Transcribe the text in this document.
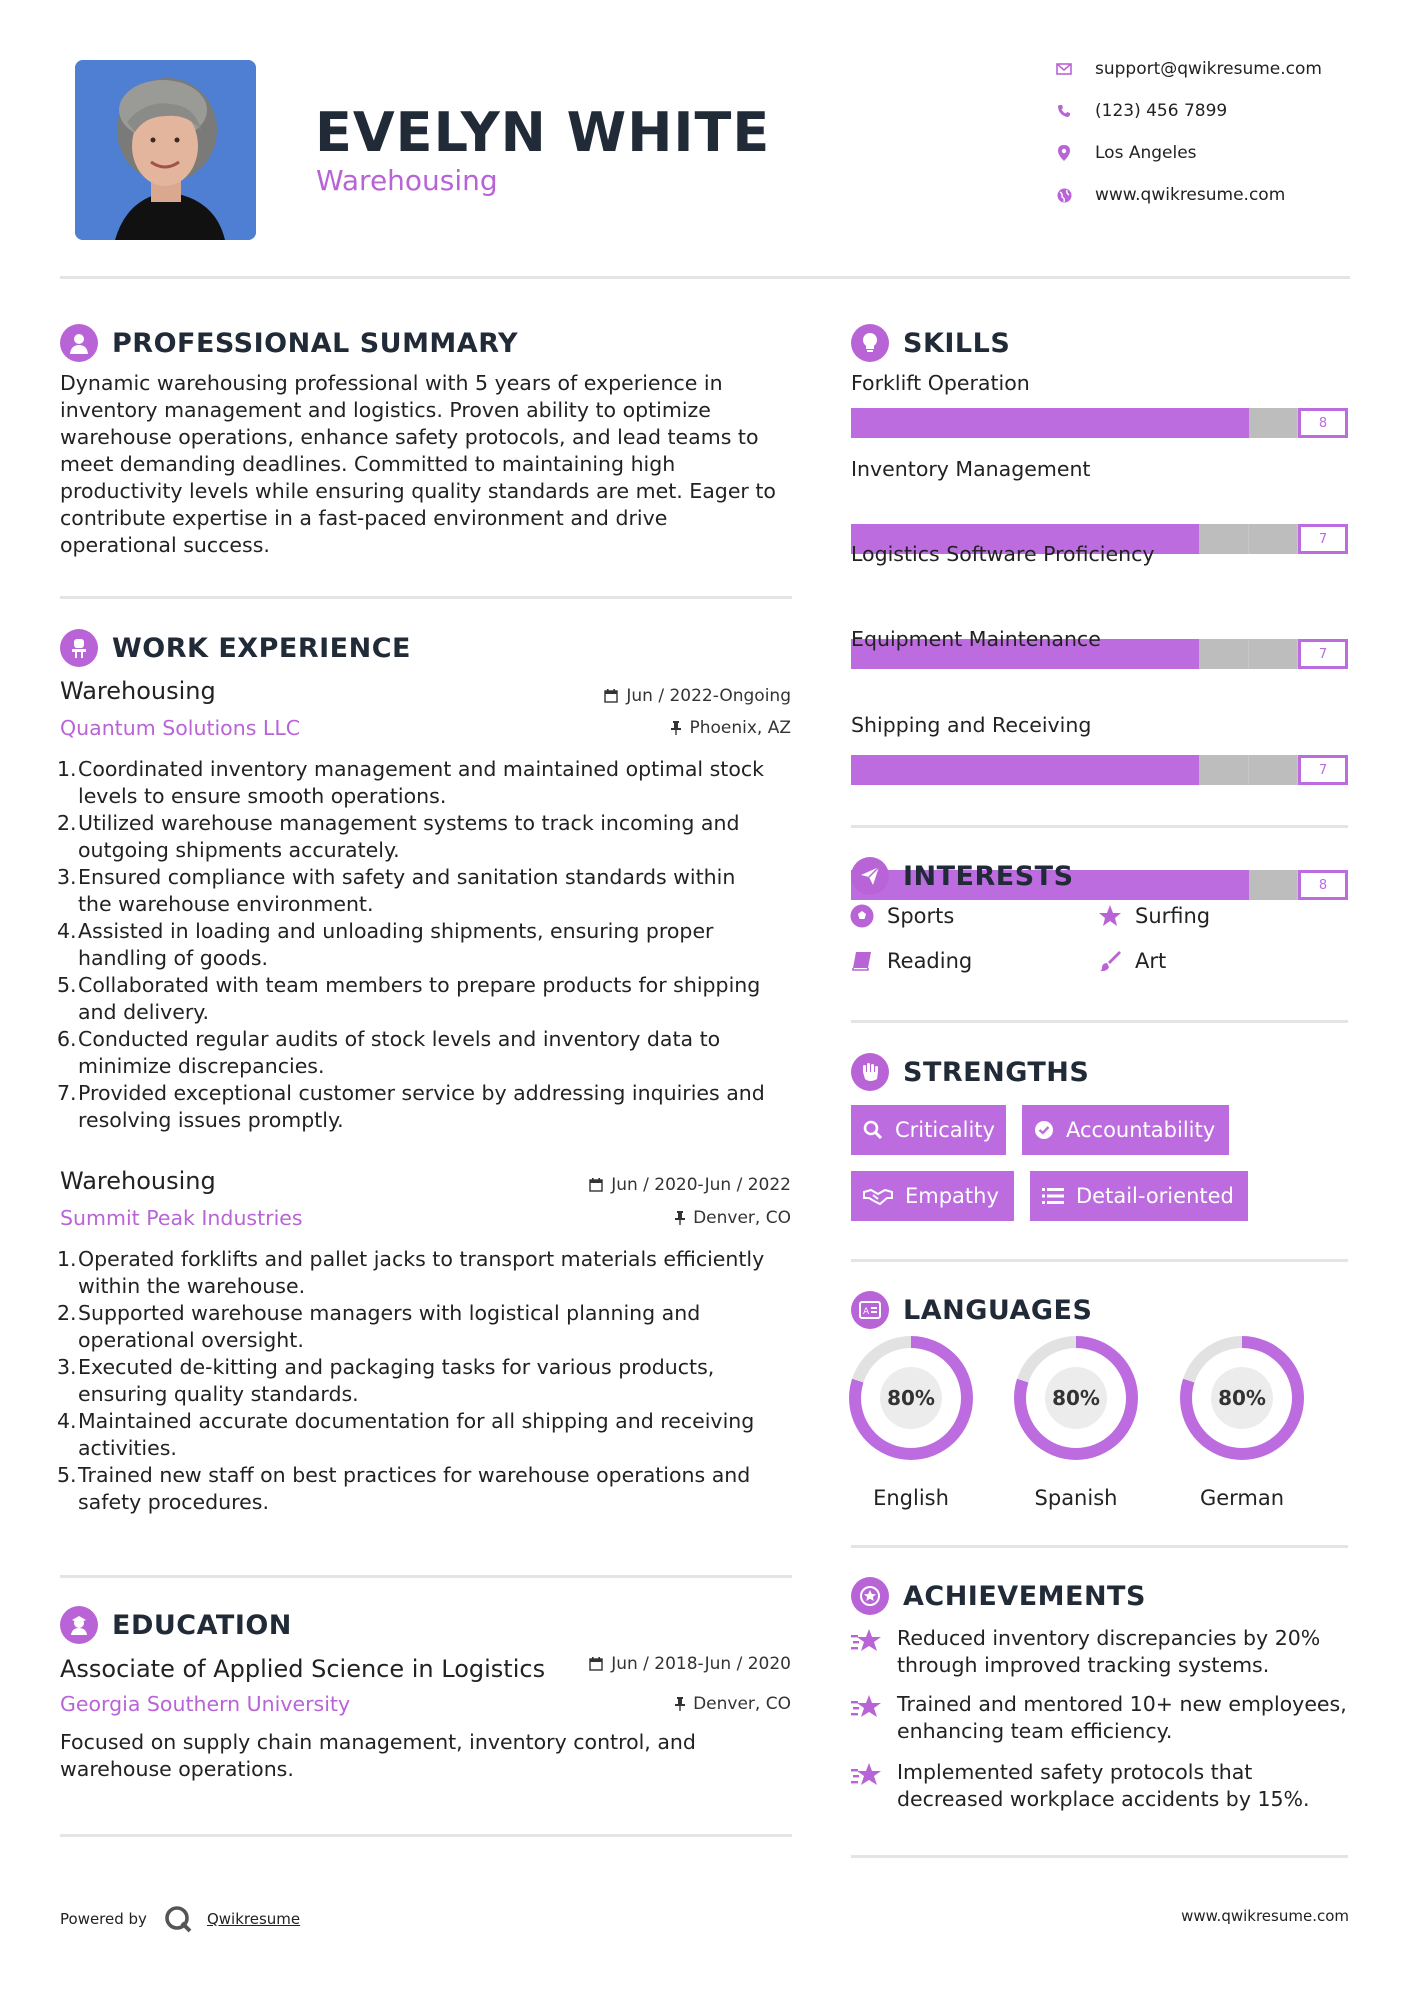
EVELYN WHITE
Warehousing
support@qwikresume.com
(123) 456 7899
Los Angeles
www.qwikresume.com
PROFESSIONAL SUMMARY
Dynamic warehousing professional with 5 years of experience in
inventory management and logistics. Proven ability to optimize
warehouse operations, enhance safety protocols, and lead teams to
meet demanding deadlines. Committed to maintaining high
productivity levels while ensuring quality standards are met. Eager to
contribute expertise in a fast-paced environment and drive
operational success.
WORK EXPERIENCE
Warehousing	Jun / 2022-Ongoing
Quantum Solutions LLC	Phoenix, AZ
1. Coordinated inventory management and maintained optimal stock
levels to ensure smooth operations.
2. Utilized warehouse management systems to track incoming and
outgoing shipments accurately.
3. Ensured compliance with safety and sanitation standards within
the warehouse environment.
4. Assisted in loading and unloading shipments, ensuring proper
handling of goods.
5. Collaborated with team members to prepare products for shipping
and delivery.
6. Conducted regular audits of stock levels and inventory data to
minimize discrepancies.
7. Provided exceptional customer service by addressing inquiries and
resolving issues promptly.
Warehousing	Jun / 2020-Jun / 2022
Summit Peak Industries	Denver, CO
1. Operated forklifts and pallet jacks to transport materials efficiently
within the warehouse.
2. Supported warehouse managers with logistical planning and
operational oversight.
3. Executed de-kitting and packaging tasks for various products,
ensuring quality standards.
4. Maintained accurate documentation for all shipping and receiving
activities.
5. Trained new staff on best practices for warehouse operations and
safety procedures.
EDUCATION
Associate of Applied Science in Logistics	Jun / 2018-Jun / 2020
Georgia Southern University	Denver, CO
Focused on supply chain management, inventory control, and
warehouse operations.
SKILLS
Forklift Operation
8
Inventory Management
7
Logistics Software Proficiency
7
Equipment Maintenance
7
Shipping and Receiving
8
INTERESTS
Sports	Surfing
Reading	Art
STRENGTHS
Criticality	Accountability
Empathy	Detail-oriented
A LANGUAGES
80%
English
80%
Spanish
80%
German
ACHIEVEMENTS
Reduced inventory discrepancies by 20%
through improved tracking systems.
Trained and mentored 10+ new employees,
enhancing team efficiency.
Implemented safety protocols that
decreased workplace accidents by 15%.
Powered by	Qwikresume	www.qwikresume.com
